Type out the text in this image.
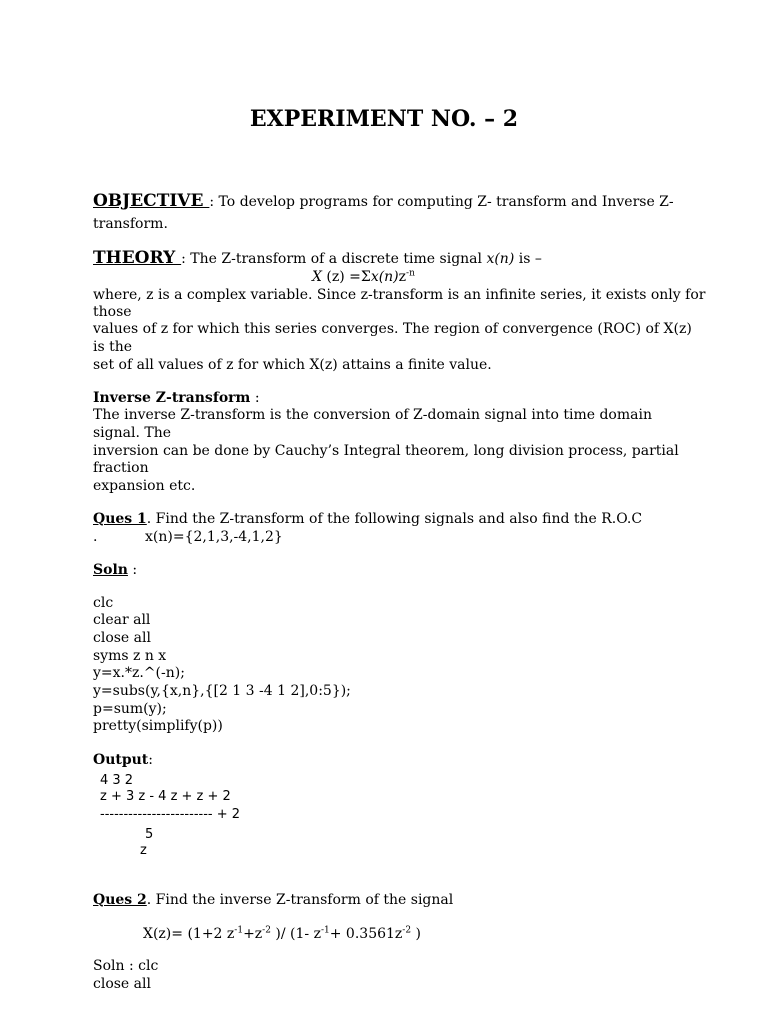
EXPERIMENT NO. – 2
OBJECTIVE : To develop programs for computing Z- transform and Inverse Z-
transform.
THEORY : The Z-transform of a discrete time signal x(n) is –
X $(z) =\Sigma x(n)z^{-n}$
where, z is a complex variable. Since z-transform is an infinite series, it exists only for
those
values of z for which this series converges. The region of convergence (ROC) of X(z)
is the
set of all values of z for which X(z) attains a finite value.
Inverse Z-transform :
The inverse Z-transform is the conversion of Z-domain signal into time domain
signal. The
inversion can be done by Cauchy’s Integral theorem, long division process, partial
fraction
expansion etc.
Ques 1. Find the Z-transform of the following signals and also find the R.O.C
.	x(n)={2,1,3,-4,1,2}
Soln :
clc
clear all
close all
syms z n x
y=x.*z.^(-n);
y=subs(y,{x,n},{[2 1 3 -4 1 2],0:5});
p=sum(y);
pretty(simplify(p))
Output:
4 3 2
z + 3 z - 4 z + z + 2
------------------------ + 2
5
z
Ques 2. Find the inverse Z-transform of the signal
X(z)= (1+2 $z^{-1}+z^{-2}$ )/ (1- $z^{-1}+ 0.3561z^{-2}$ )
Soln : clc
close all
